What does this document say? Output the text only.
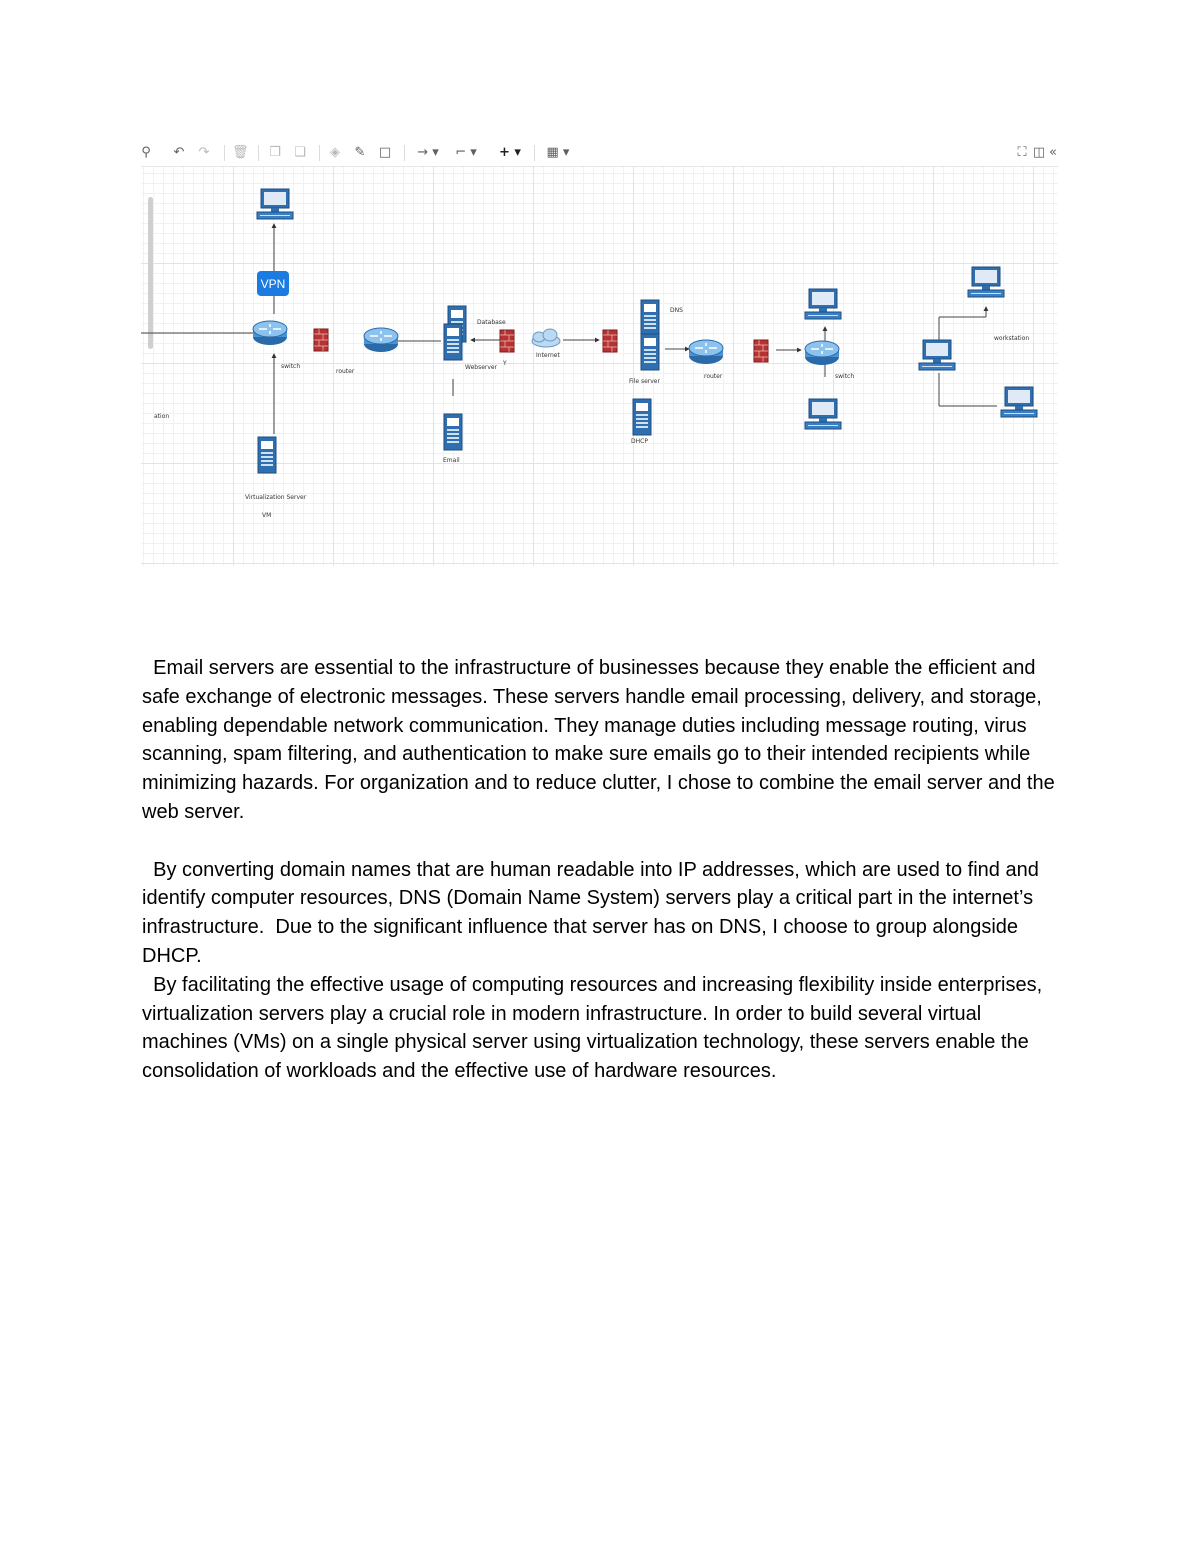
⚲ ↶ ↷ 🗑 ❐ ❏ ◈ ✎ □	→ ▾	⌐ ▾	+ ▾	▦ ▾	⛶ ◫ «
VPN
switch
router
Database
Webserver
Y
Email
Internet
DNS
File server
DHCP
router	switch
workstation
Virtualization Server
VM
ation

Email servers are essential to the infrastructure of businesses because they enable the efficient and safe exchange of electronic messages. These servers handle email processing, delivery, and storage, enabling dependable network communication. They manage duties including message routing, virus scanning, spam filtering, and authentication to make sure emails go to their intended recipients while minimizing hazards. For organization and to reduce clutter, I chose to combine the email server and the web server.

By converting domain names that are human readable into IP addresses, which are used to find and identify computer resources, DNS (Domain Name System) servers play a critical part in the internet’s infrastructure.  Due to the significant influence that server has on DNS, I choose to group alongside DHCP.

By facilitating the effective usage of computing resources and increasing flexibility inside enterprises, virtualization servers play a crucial role in modern infrastructure. In order to build several virtual machines (VMs) on a single physical server using virtualization technology, these servers enable the consolidation of workloads and the effective use of hardware resources.
